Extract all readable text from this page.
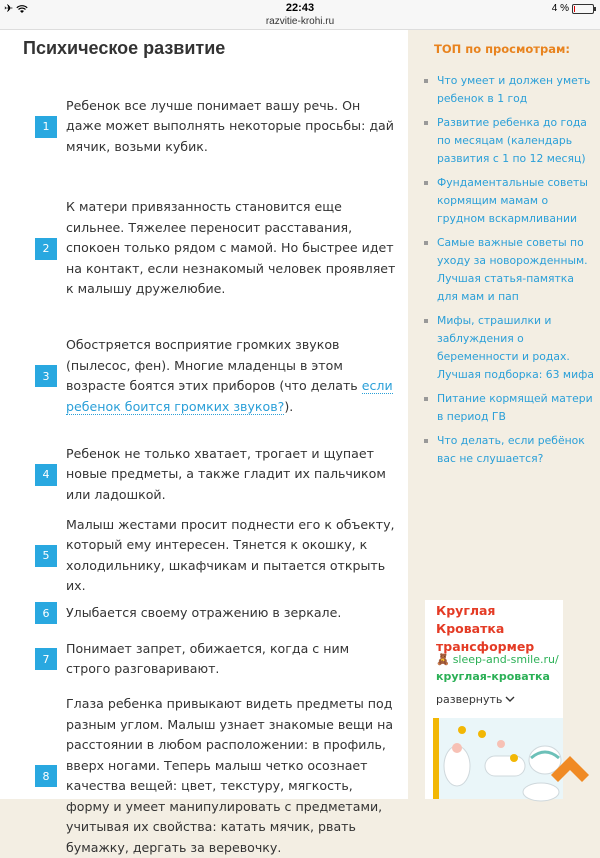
✈	22:43
razvitie-krohi.ru
4 %
Психическое развитие
1

Ребенок все лучше понимает вашу речь. Он даже может выполнять некоторые просьбы: дай мячик, возьми кубик.

2

К матери привязанность становится еще сильнее. Тяжелее переносит расставания, спокоен только рядом с мамой. Но быстрее идет на контакт, если незнакомый человек проявляет к малышу дружелюбие.

3

Обостряется восприятие громких звуков (пылесос, фен). Многие младенцы в этом возрасте боятся этих приборов (что делать если ребенок боится громких звуков?).

4

Ребенок не только хватает, трогает и щупает новые предметы, а также гладит их пальчиком или ладошкой.

5

Малыш жестами просит поднести его к объекту, который ему интересен. Тянется к окошку, к холодильнику, шкафчикам и пытается открыть их.

6	Улыбается своему отражению в зеркале.

7

Понимает запрет, обижается, когда с ним строго разговаривают.

8

Глаза ребенка привыкают видеть предметы под разным углом. Малыш узнает знакомые вещи на расстоянии в любом расположении: в профиль, вверх ногами. Теперь малыш четко осознает качества вещей: цвет, текстуру, мягкость, форму и умеет манипулировать с предметами, учитывая их свойства: катать мячик, рвать бумажку, дергать за веревочку.

ТОП по просмотрам:
Что умеет и должен уметь ребенок в 1 год
Развитие ребенка до года по месяцам (календарь развития с 1 по 12 месяц)
Фундаментальные советы кормящим мамам о грудном вскармливании
Самые важные советы по уходу за новорожденным. Лучшая статья-памятка для мам и пап
Мифы, страшилки и заблуждения о беременности и родах. Лучшая подборка: 63 мифа
Питание кормящей матери в период ГВ
Что делать, если ребёнок вас не слушается?
Круглая Кроватка трансформер
🧸 sleep-and-smile.ru/
круглая-кроватка
развернуть
